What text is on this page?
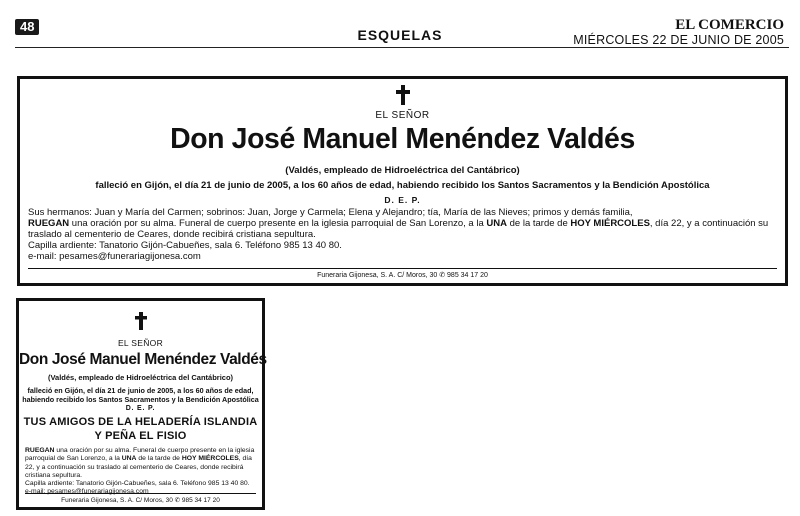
48
ESQUELAS
EL COMERCIO
MIÉRCOLES 22 DE JUNIO DE 2005
EL SEÑOR
Don José Manuel Menéndez Valdés
(Valdés, empleado de Hidroeléctrica del Cantábrico)
falleció en Gijón, el día 21 de junio de 2005, a los 60 años de edad, habiendo recibido los Santos Sacramentos y la Bendición Apostólica
D. E. P.

Sus hermanos: Juan y María del Carmen; sobrinos: Juan, Jorge y Carmela; Elena y Alejandro; tía, María de las Nieves; primos y demás familia,

RUEGAN una oración por su alma. Funeral de cuerpo presente en la iglesia parroquial de San Lorenzo, a la UNA de la tarde de HOY MIÉRCOLES, día 22, y a continuación su traslado al cementerio de Ceares, donde recibirá cristiana sepultura.

Capilla ardiente: Tanatorio Gijón-Cabueñes, sala 6. Teléfono 985 13 40 80.

e-mail: pesames@funerariagijonesa.com

Funeraria Gijonesa, S. A. C/ Moros, 30 ✆ 985 34 17 20
EL SEÑOR
Don José Manuel Menéndez Valdés
(Valdés, empleado de Hidroeléctrica del Cantábrico)
falleció en Gijón, el día 21 de junio de 2005, a los 60 años de edad,
habiendo recibido los Santos Sacramentos y la Bendición Apostólica
D. E. P.
TUS AMIGOS DE LA HELADERÍA ISLANDIA
Y PEÑA EL FISIO

RUEGAN una oración por su alma. Funeral de cuerpo presente en la iglesia parroquial de San Lorenzo, a la UNA de la tarde de HOY MIÉRCOLES, día 22, y a continuación su traslado al cementerio de Ceares, donde recibirá cristiana sepultura.

Capilla ardiente: Tanatorio Gijón-Cabueñes, sala 6. Teléfono 985 13 40 80.

e-mail: pesames@funerariagijonesa.com

Funeraria Gijonesa, S. A. C/ Moros, 30 ✆ 985 34 17 20
